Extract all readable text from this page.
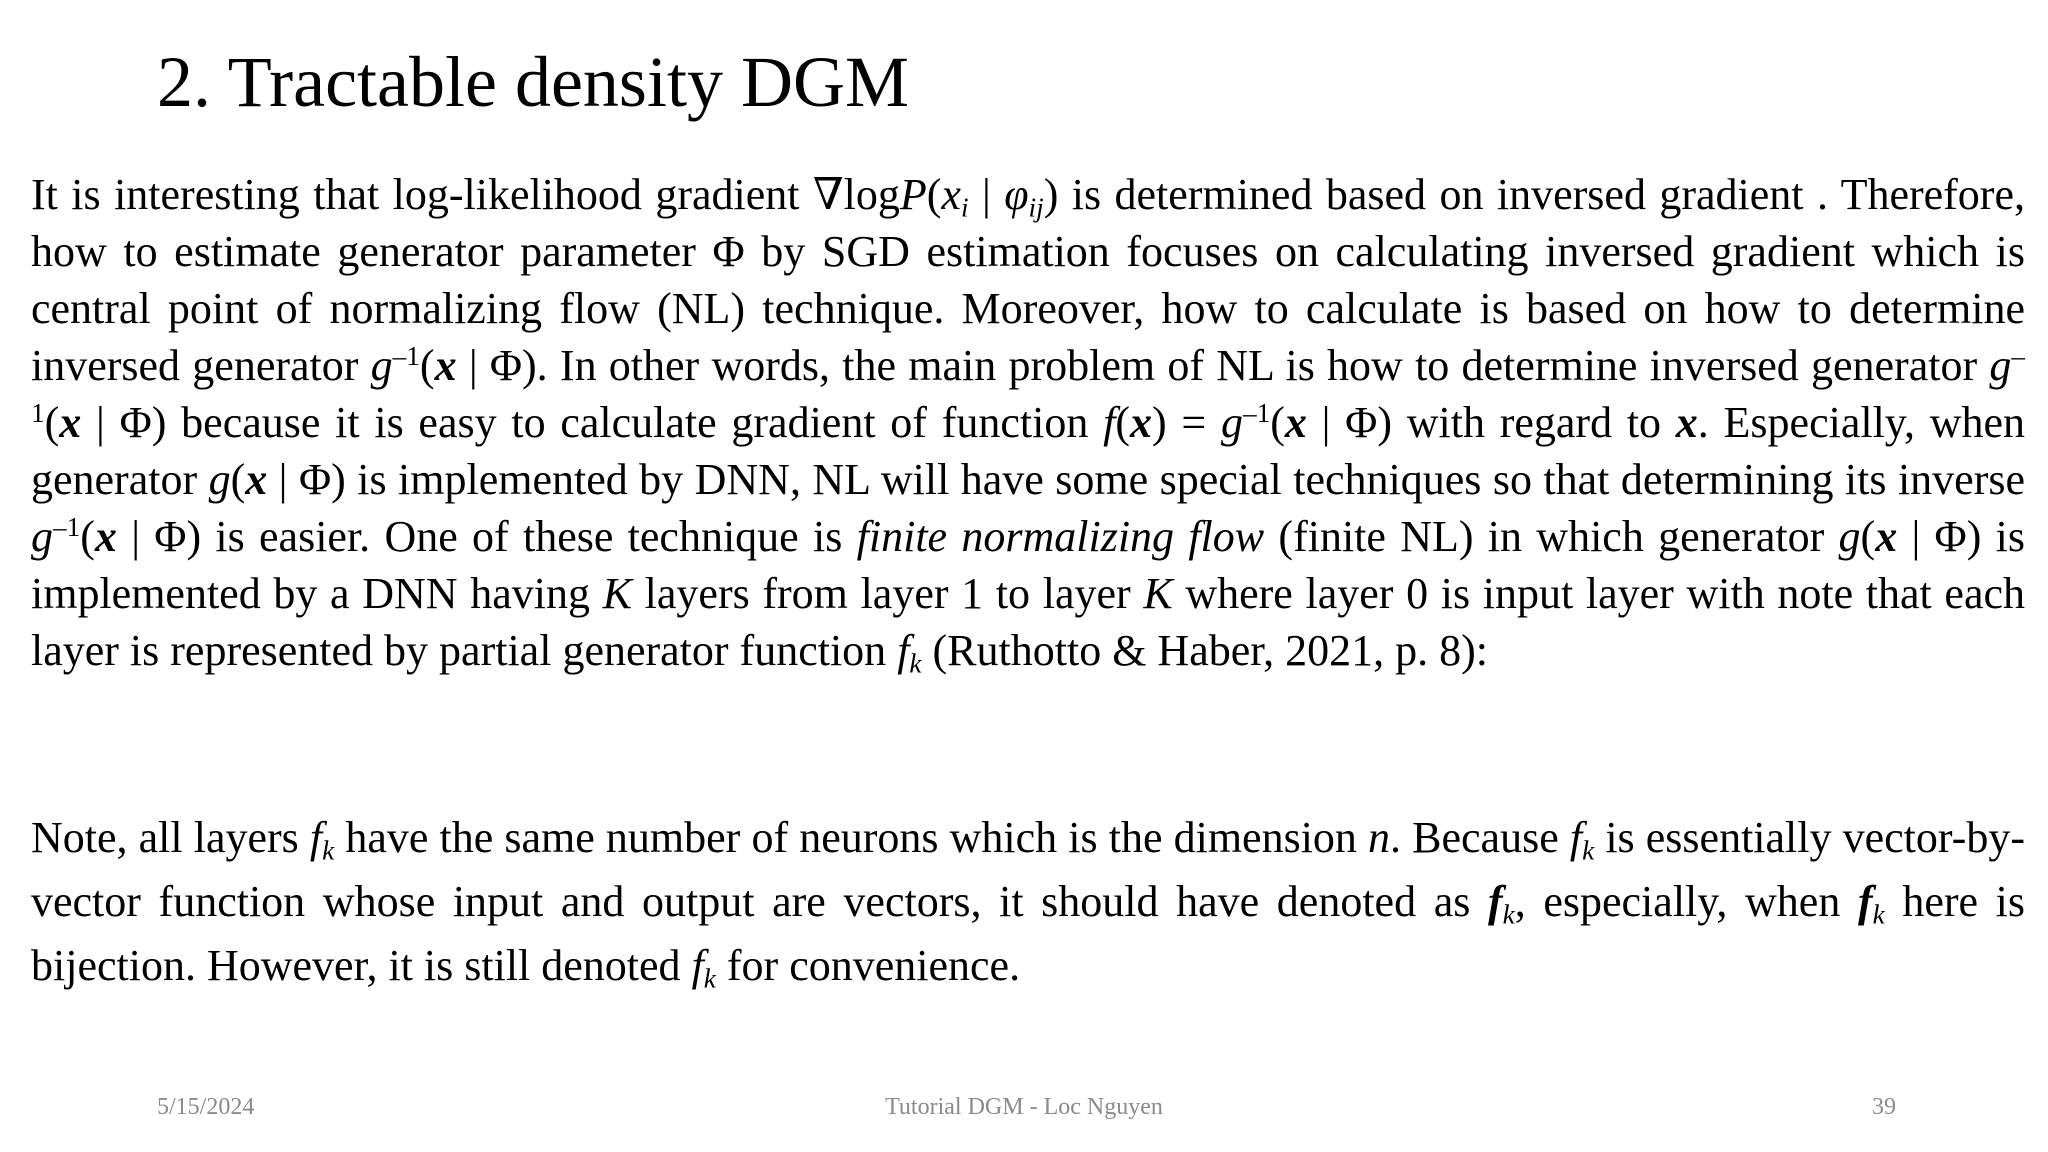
2. Tractable density DGM
It is interesting that log-likelihood gradient $\nabla\log P(x_i$ | $\varphi_{ij}$) is determined based on inversed gradient . Therefore, how to estimate generator parameter Φ by SGD estimation focuses on calculating inversed gradient which is central point of normalizing flow (NL) technique. Moreover, how to calculate is based on how to determine inversed generator $g^{-1}(x$ | Φ). In other words, the main problem of NL is how to determine inversed generator $g^{-1}(x$ | Φ) because it is easy to calculate gradient of function $f(x) = g^{-1}(x$ | Φ) with regard to x. Especially, when generator g(x | Φ) is implemented by DNN, NL will have some special techniques so that determining its inverse $g^{-1}(x$ | Φ) is easier. One of these technique is finite normalizing flow (finite NL) in which generator g(x | Φ) is implemented by a DNN having K layers from layer 1 to layer K where layer 0 is input layer with note that each layer is represented by partial generator function $f_k$ (Ruthotto & Haber, 2021, p. 8):
Note, all layers $f_k$ have the same number of neurons which is the dimension n. Because $f_k$ is essentially vector-by-vector function whose input and output are vectors, it should have denoted as $f_k$, especially, when $f_k$ here is bijection. However, it is still denoted $f_k$ for convenience.
5/15/2024	Tutorial DGM - Loc Nguyen	39
